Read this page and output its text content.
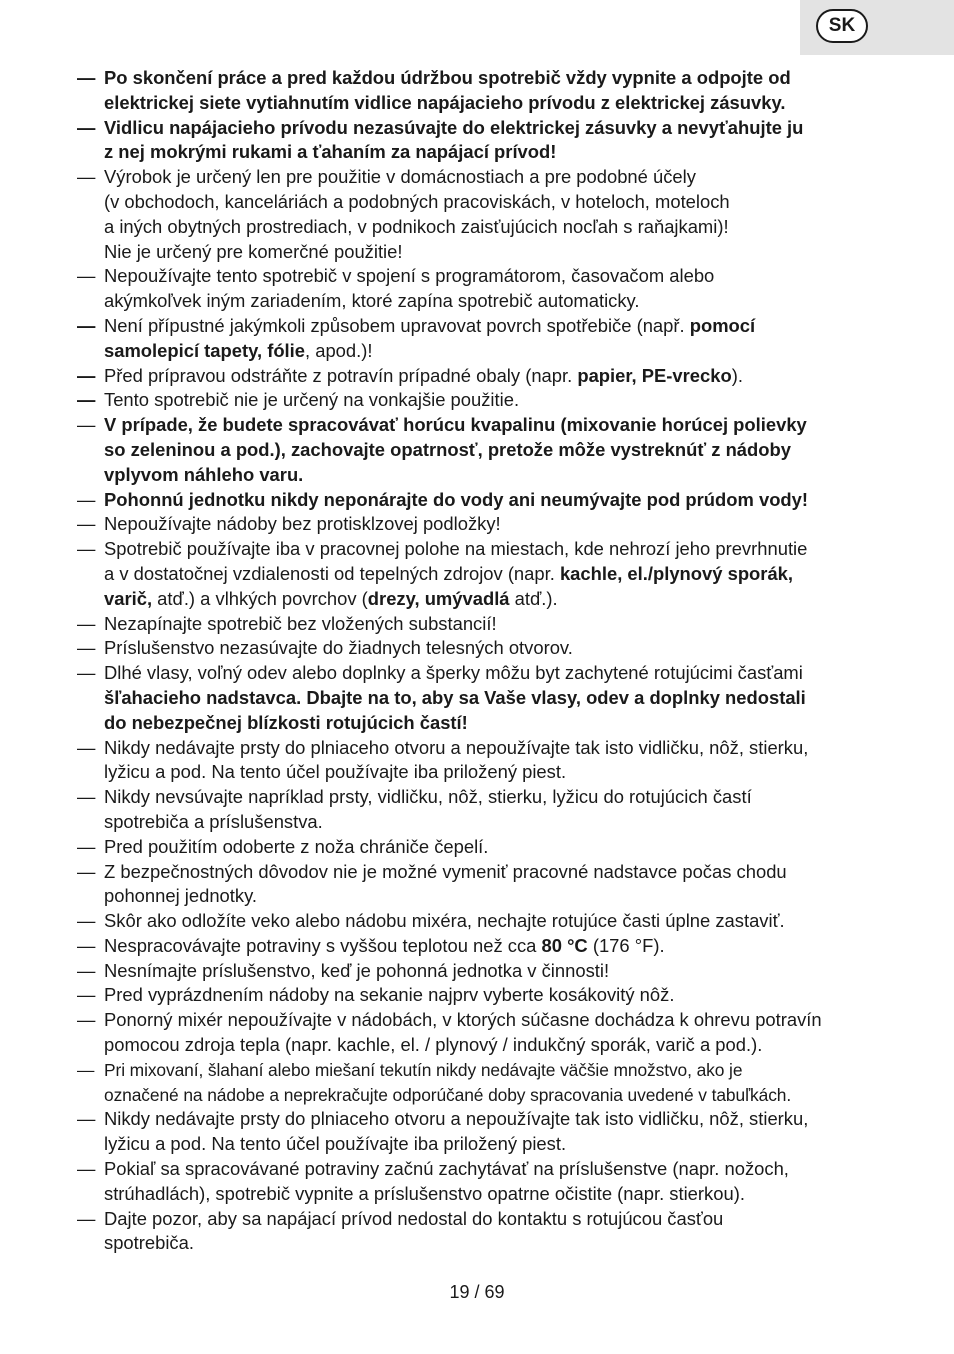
SK
— Po skončení práce a pred každou údržbou spotrebič vždy vypnite a odpojte od
elektrickej siete vytiahnutím vidlice napájacieho prívodu z elektrickej zásuvky.
— Vidlicu napájacieho prívodu nezasúvajte do elektrickej zásuvky a nevyťahujte ju
z nej mokrými rukami a ťahaním za napájací prívod!
— Výrobok je určený len pre použitie v domácnostiach a pre podobné účely
(v obchodoch, kanceláriách a podobných pracoviskách, v hoteloch, moteloch
a iných obytných prostrediach, v podnikoch zaisťujúcich nocľah s raňajkami)!
Nie je určený pre komerčné použitie!
— Nepoužívajte tento spotrebič v spojení s programátorom, časovačom alebo
akýmkoľvek iným zariadením, ktoré zapína spotrebič automaticky.
— Není přípustné jakýmkoli způsobem upravovat povrch spotřebiče (např. pomocí
samolepicí tapety, fólie, apod.)!
— Před prípravou odstráňte z potravín prípadné obaly (napr. papier, PE-vrecko).
— Tento spotrebič nie je určený na vonkajšie použitie.
— V prípade, že budete spracovávať horúcu kvapalinu (mixovanie horúcej polievky
so zeleninou a pod.), zachovajte opatrnosť, pretože môže vystreknúť z nádoby
vplyvom náhleho varu.
— Pohonnú jednotku nikdy neponárajte do vody ani neumývajte pod prúdom vody!
— Nepoužívajte nádoby bez protisklzovej podložky!
— Spotrebič používajte iba v pracovnej polohe na miestach, kde nehrozí jeho prevrhnutie
a v dostatočnej vzdialenosti od tepelných zdrojov (napr. kachle, el./plynový sporák,
varič, atď.) a vlhkých povrchov (drezy, umývadlá atď.).
— Nezapínajte spotrebič bez vložených substancií!
— Príslušenstvo nezasúvajte do žiadnych telesných otvorov.
— Dlhé vlasy, voľný odev alebo doplnky a šperky môžu byt zachytené rotujúcimi časťami
šľahacieho nadstavca. Dbajte na to, aby sa Vaše vlasy, odev a doplnky nedostali
do nebezpečnej blízkosti rotujúcich častí!
— Nikdy nedávajte prsty do plniaceho otvoru a nepoužívajte tak isto vidličku, nôž, stierku,
lyžicu a pod. Na tento účel používajte iba priložený piest.
— Nikdy nevsúvajte napríklad prsty, vidličku, nôž, stierku, lyžicu do rotujúcich častí
spotrebiča a príslušenstva.
— Pred použitím odoberte z noža chrániče čepelí.
— Z bezpečnostných dôvodov nie je možné vymeniť pracovné nadstavce počas chodu
pohonnej jednotky.
— Skôr ako odložíte veko alebo nádobu mixéra, nechajte rotujúce časti úplne zastaviť.
— Nespracovávajte potraviny s vyššou teplotou než cca 80 °C (176 °F).
— Nesnímajte príslušenstvo, keď je pohonná jednotka v činnosti!
— Pred vyprázdnením nádoby na sekanie najprv vyberte kosákovitý nôž.
— Ponorný mixér nepoužívajte v nádobách, v ktorých súčasne dochádza k ohrevu potravín
pomocou zdroja tepla (napr. kachle, el. / plynový / indukčný sporák, varič a pod.).
— Pri mixovaní, šlahaní alebo miešaní tekutín nikdy nedávajte väčšie množstvo, ako je
označené na nádobe a neprekračujte odporúčané doby spracovania uvedené v tabuľkách.
— Nikdy nedávajte prsty do plniaceho otvoru a nepoužívajte tak isto vidličku, nôž, stierku,
lyžicu a pod. Na tento účel používajte iba priložený piest.
— Pokiaľ sa spracovávané potraviny začnú zachytávať na príslušenstve (napr. nožoch,
strúhadlách), spotrebič vypnite a príslušenstvo opatrne očistite (napr. stierkou).
— Dajte pozor, aby sa napájací prívod nedostal do kontaktu s rotujúcou časťou
spotrebiča.
19 / 69
